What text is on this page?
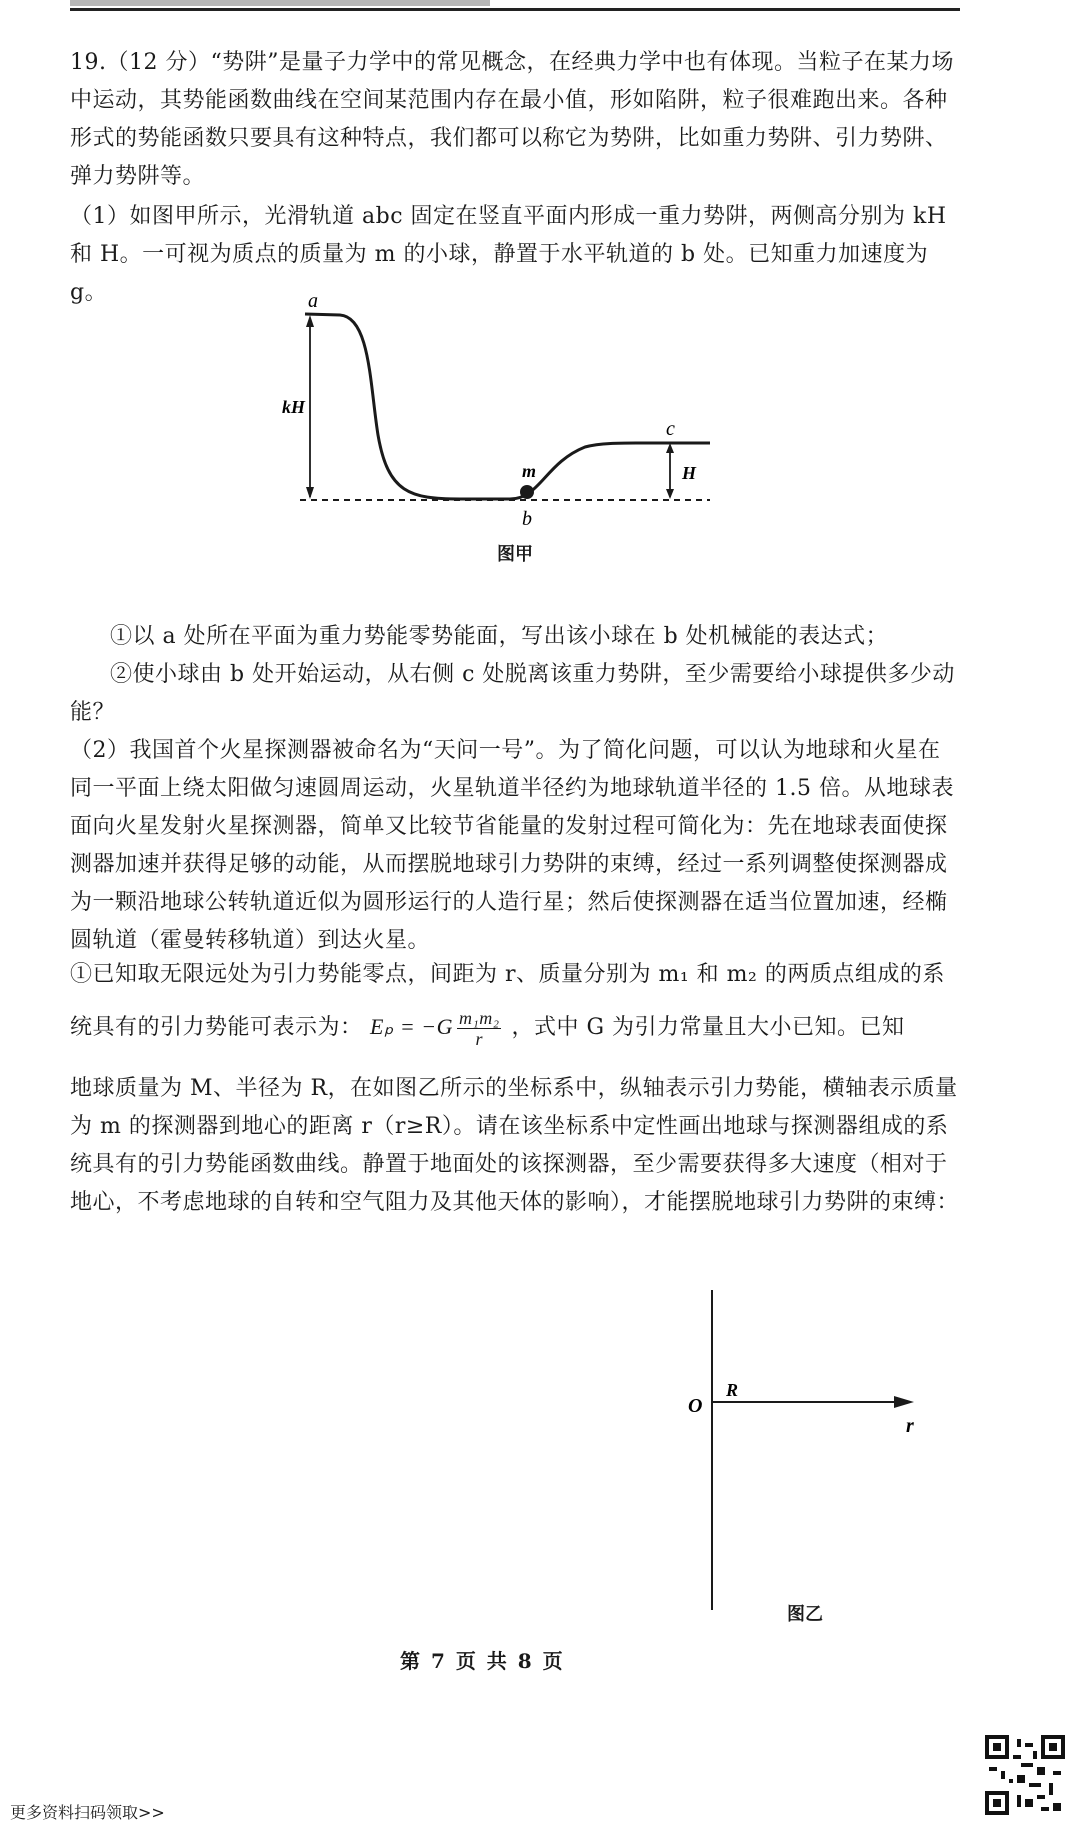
19.（12 分）“势阱”是量子力学中的常见概念，在经典力学中也有体现。当粒子在某力场中运动，其势能函数曲线在空间某范围内存在最小值，形如陷阱，粒子很难跑出来。各种形式的势能函数只要具有这种特点，我们都可以称它为势阱，比如重力势阱、引力势阱、弹力势阱等。
（1）如图甲所示，光滑轨道 abc 固定在竖直平面内形成一重力势阱，两侧高分别为 kH 和 H。一可视为质点的质量为 m 的小球，静置于水平轨道的 b 处。已知重力加速度为 g。	a
kH
c
H
m
b
图甲
①以 a 处所在平面为重力势能零势能面，写出该小球在 b 处机械能的表达式；
②使小球由 b 处开始运动，从右侧 c 处脱离该重力势阱，至少需要给小球提供多少动能？
（2）我国首个火星探测器被命名为“天问一号”。为了简化问题，可以认为地球和火星在同一平面上绕太阳做匀速圆周运动，火星轨道半径约为地球轨道半径的 1.5 倍。从地球表面向火星发射火星探测器，简单又比较节省能量的发射过程可简化为：先在地球表面使探测器加速并获得足够的动能，从而摆脱地球引力势阱的束缚，经过一系列调整使探测器成为一颗沿地球公转轨道近似为圆形运行的人造行星；然后使探测器在适当位置加速，经椭圆轨道（霍曼转移轨道）到达火星。
①已知取无限远处为引力势能零点，间距为 r、质量分别为 m₁ 和 m₂ 的两质点组成的系
统具有的引力势能可表示为： $E_p = -G \frac{\text{m₁m₂}}{r}$ ，式中 G 为引力常量且大小已知。已知
地球质量为 M、半径为 R，在如图乙所示的坐标系中，纵轴表示引力势能，横轴表示质量为 m 的探测器到地心的距离 r（r≥R）。请在该坐标系中定性画出地球与探测器组成的系统具有的引力势能函数曲线。静置于地面处的该探测器，至少需要获得多大速度（相对于地心，不考虑地球的自转和空气阻力及其他天体的影响），才能摆脱地球引力势阱的束缚：
O
R
r
图乙
第 7 页 共 8 页
更多资料扫码领取>>
